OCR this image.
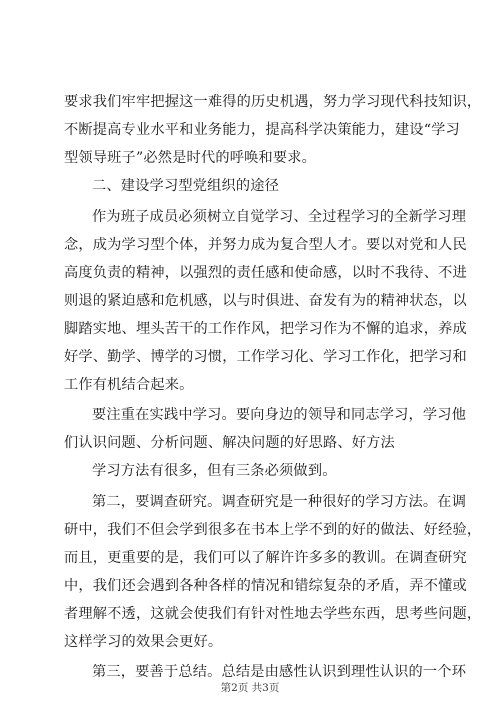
要求我们牢牢把握这一难得的历史机遇，努力学习现代科技知识，
不断提高专业水平和业务能力，提高科学决策能力，建设“学习
型领导班子”必然是时代的呼唤和要求。
二、建设学习型党组织的途径
作为班子成员必须树立自觉学习、全过程学习的全新学习理
念，成为学习型个体，并努力成为复合型人才。要以对党和人民
高度负责的精神，以强烈的责任感和使命感，以时不我待、不进
则退的紧迫感和危机感，以与时俱进、奋发有为的精神状态，以
脚踏实地、埋头苦干的工作作风，把学习作为不懈的追求，养成
好学、勤学、博学的习惯，工作学习化、学习工作化，把学习和
工作有机结合起来。
要注重在实践中学习。要向身边的领导和同志学习，学习他
们认识问题、分析问题、解决问题的好思路、好方法
学习方法有很多，但有三条必须做到。
第二，要调查研究。调查研究是一种很好的学习方法。在调
研中，我们不但会学到很多在书本上学不到的好的做法、好经验，
而且，更重要的是，我们可以了解许许多多的教训。在调查研究
中，我们还会遇到各种各样的情况和错综复杂的矛盾，弄不懂或
者理解不透，这就会使我们有针对性地去学些东西，思考些问题，
这样学习的效果会更好。
第三，要善于总结。总结是由感性认识到理性认识的一个环
第2页 共3页
